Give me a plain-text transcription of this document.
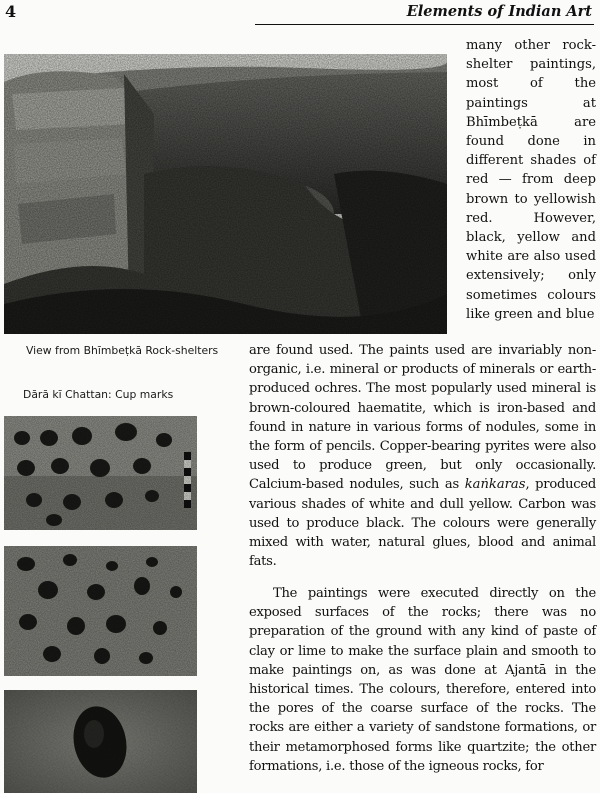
4	Elements of Indian Art
View from Bhīmbeṭkā Rock-shelters
Dārā kī Chattan: Cup marks
many other rock-shelter paintings, most of the paintings at Bhīmbeṭkā are found done in different shades of red — from deep brown to yellowish red. However, black, yellow and white are also used extensively; only sometimes colours like green and blue
are found used. The paints used are invariably non-organic, i.e. mineral or products of minerals or earth-produced ochres. The most popularly used mineral is brown-coloured haematite, which is iron-based and found in nature in various forms of nodules, some in the form of pencils. Copper-bearing pyrites were also used to produce green, but only occasionally. Calcium-based nodules, such as kaṅkaras, produced various shades of white and dull yellow. Carbon was used to produce black. The colours were generally mixed with water, natural glues, blood and animal fats.
The paintings were executed directly on the exposed surfaces of the rocks; there was no preparation of the ground with any kind of paste of clay or lime to make the surface plain and smooth to make paintings on, as was done at Ajantā in the historical times. The colours, therefore, entered into the pores of the coarse surface of the rocks. The rocks are either a variety of sandstone formations, or their metamorphosed forms like quartzite; the other formations, i.e. those of the igneous rocks, for
